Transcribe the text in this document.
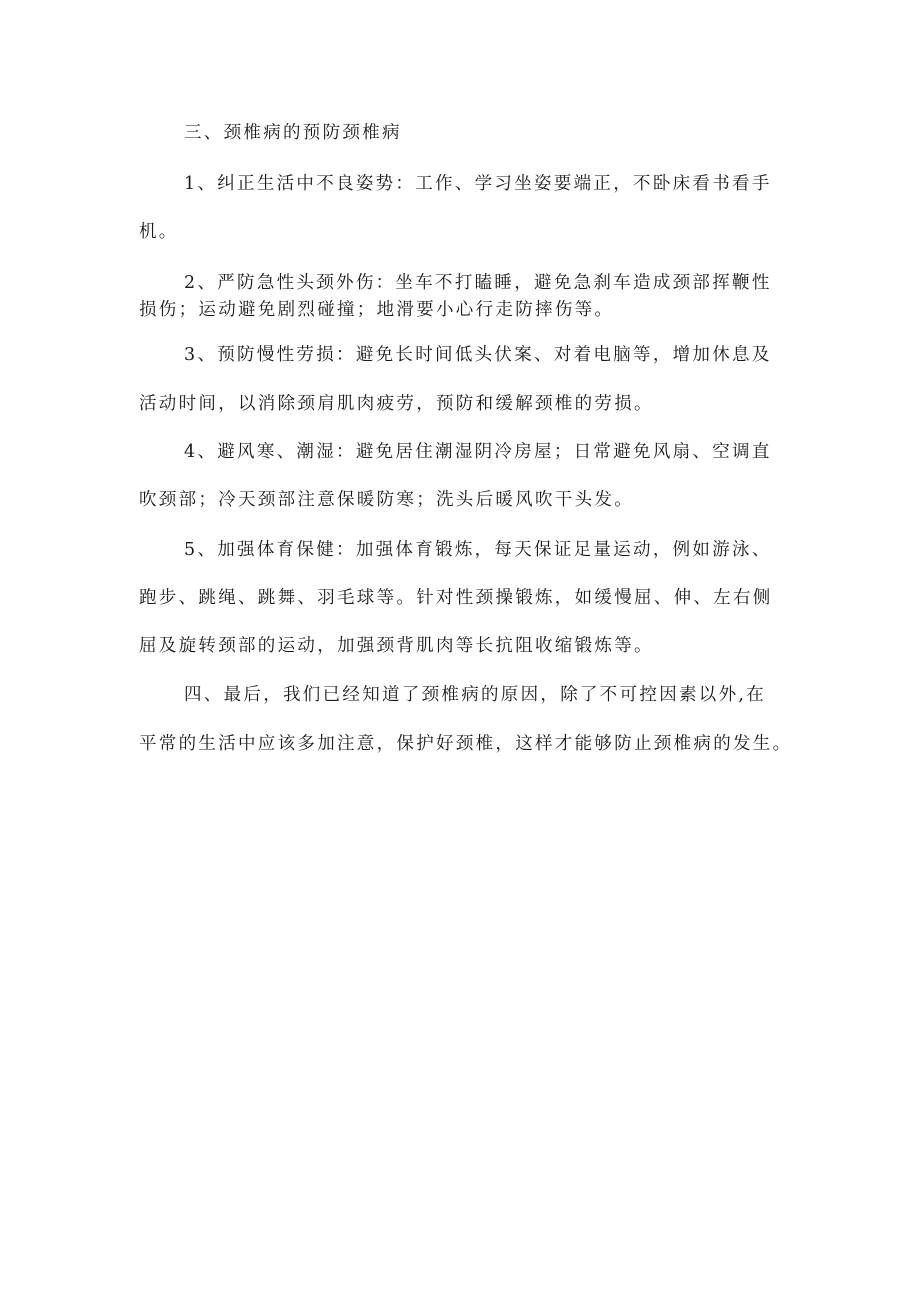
三、颈椎病的预防颈椎病
1、纠正生活中不良姿势：工作、学习坐姿要端正，不卧床看书看手
机。
2、严防急性头颈外伤：坐车不打瞌睡，避免急刹车造成颈部挥鞭性
损伤；运动避免剧烈碰撞；地滑要小心行走防摔伤等。
3、预防慢性劳损：避免长时间低头伏案、对着电脑等，增加休息及
活动时间，以消除颈肩肌肉疲劳，预防和缓解颈椎的劳损。
4、避风寒、潮湿：避免居住潮湿阴冷房屋；日常避免风扇、空调直
吹颈部；冷天颈部注意保暖防寒；洗头后暖风吹干头发。
5、加强体育保健：加强体育锻炼，每天保证足量运动，例如游泳、
跑步、跳绳、跳舞、羽毛球等。针对性颈操锻炼，如缓慢屈、伸、左右侧
屈及旋转颈部的运动，加强颈背肌肉等长抗阻收缩锻炼等。
四、最后，我们已经知道了颈椎病的原因，除了不可控因素以外,在
平常的生活中应该多加注意，保护好颈椎，这样才能够防止颈椎病的发生。
